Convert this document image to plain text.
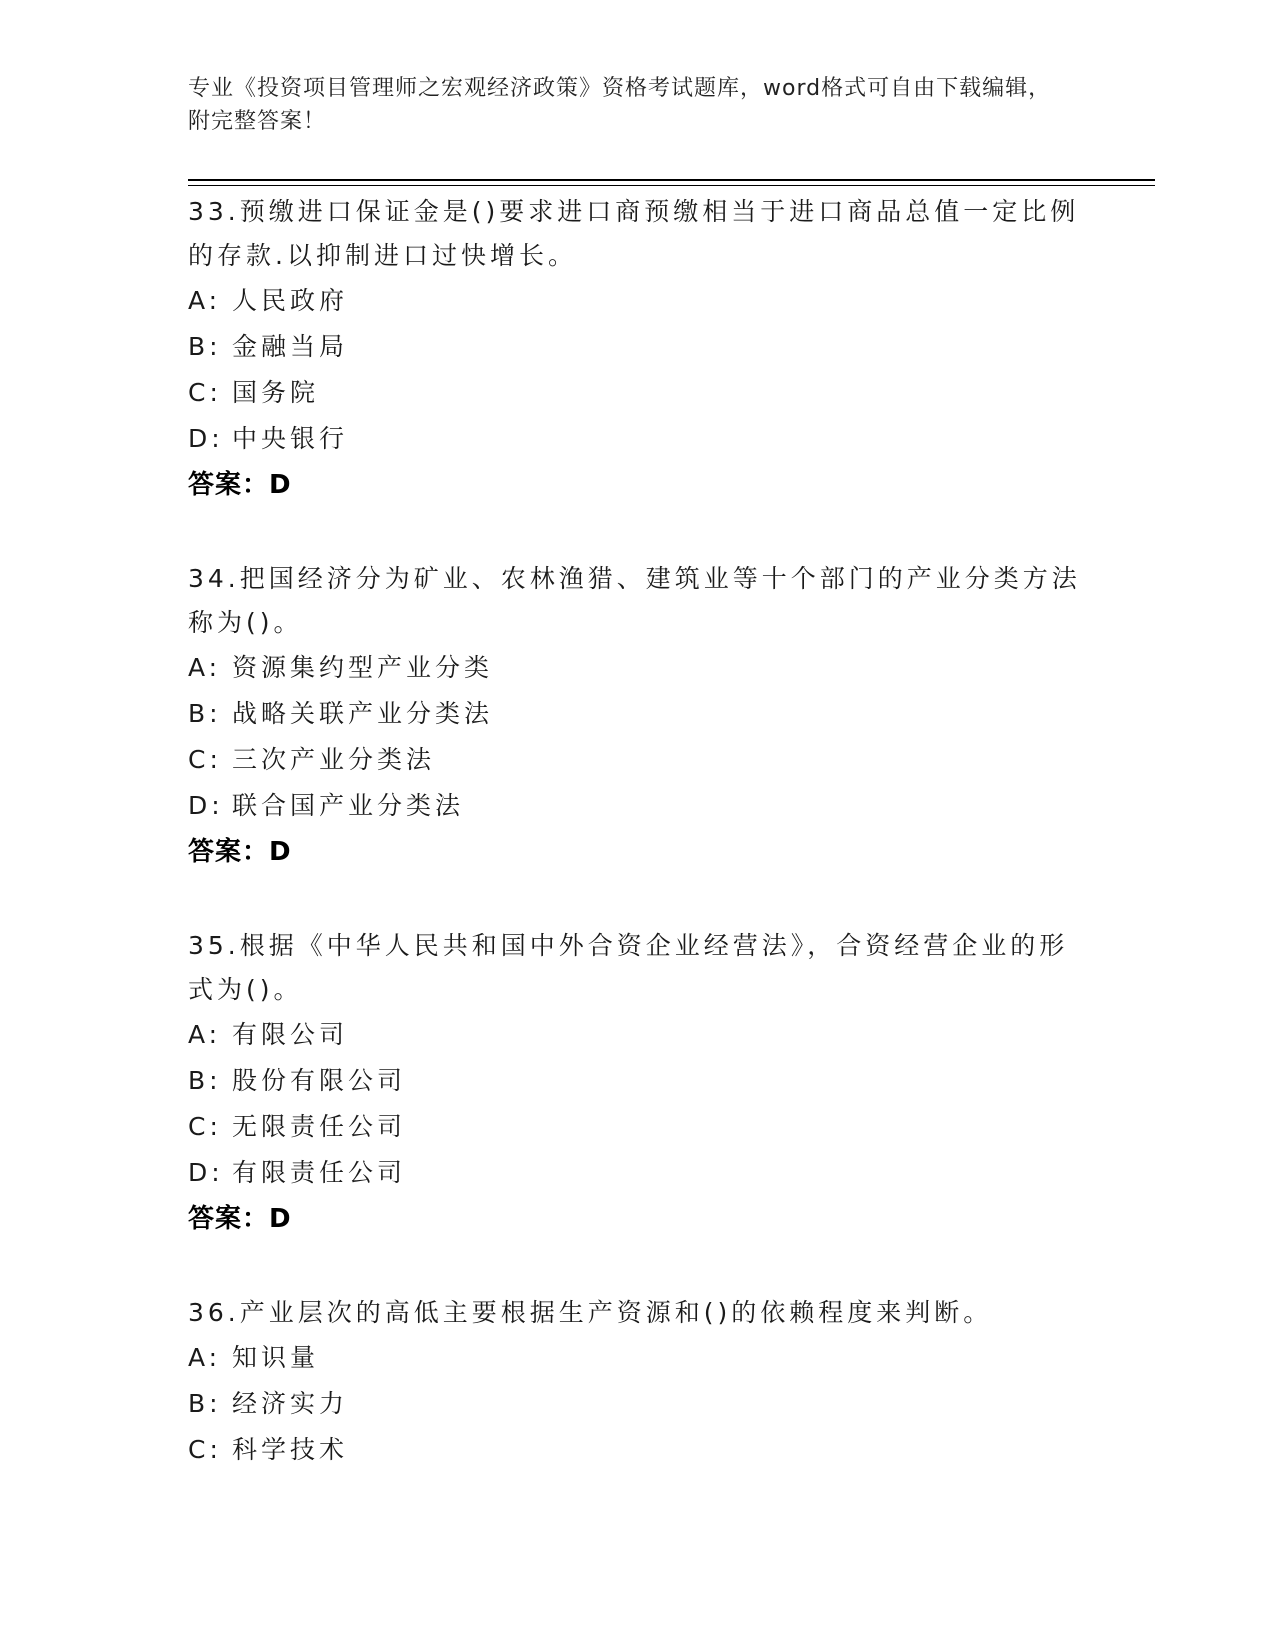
专业《投资项目管理师之宏观经济政策》资格考试题库，word格式可自由下载编辑，附完整答案！
33.预缴进口保证金是()要求进口商预缴相当于进口商品总值一定比例的存款.以抑制进口过快增长。
A: 人民政府
B: 金融当局
C: 国务院
D: 中央银行
答案：D
34.把国经济分为矿业、农林渔猎、建筑业等十个部门的产业分类方法称为()。
A: 资源集约型产业分类
B: 战略关联产业分类法
C: 三次产业分类法
D: 联合国产业分类法
答案：D
35.根据《中华人民共和国中外合资企业经营法》，合资经营企业的形式为()。
A: 有限公司
B: 股份有限公司
C: 无限责任公司
D: 有限责任公司
答案：D
36.产业层次的高低主要根据生产资源和()的依赖程度来判断。
A: 知识量
B: 经济实力
C: 科学技术
